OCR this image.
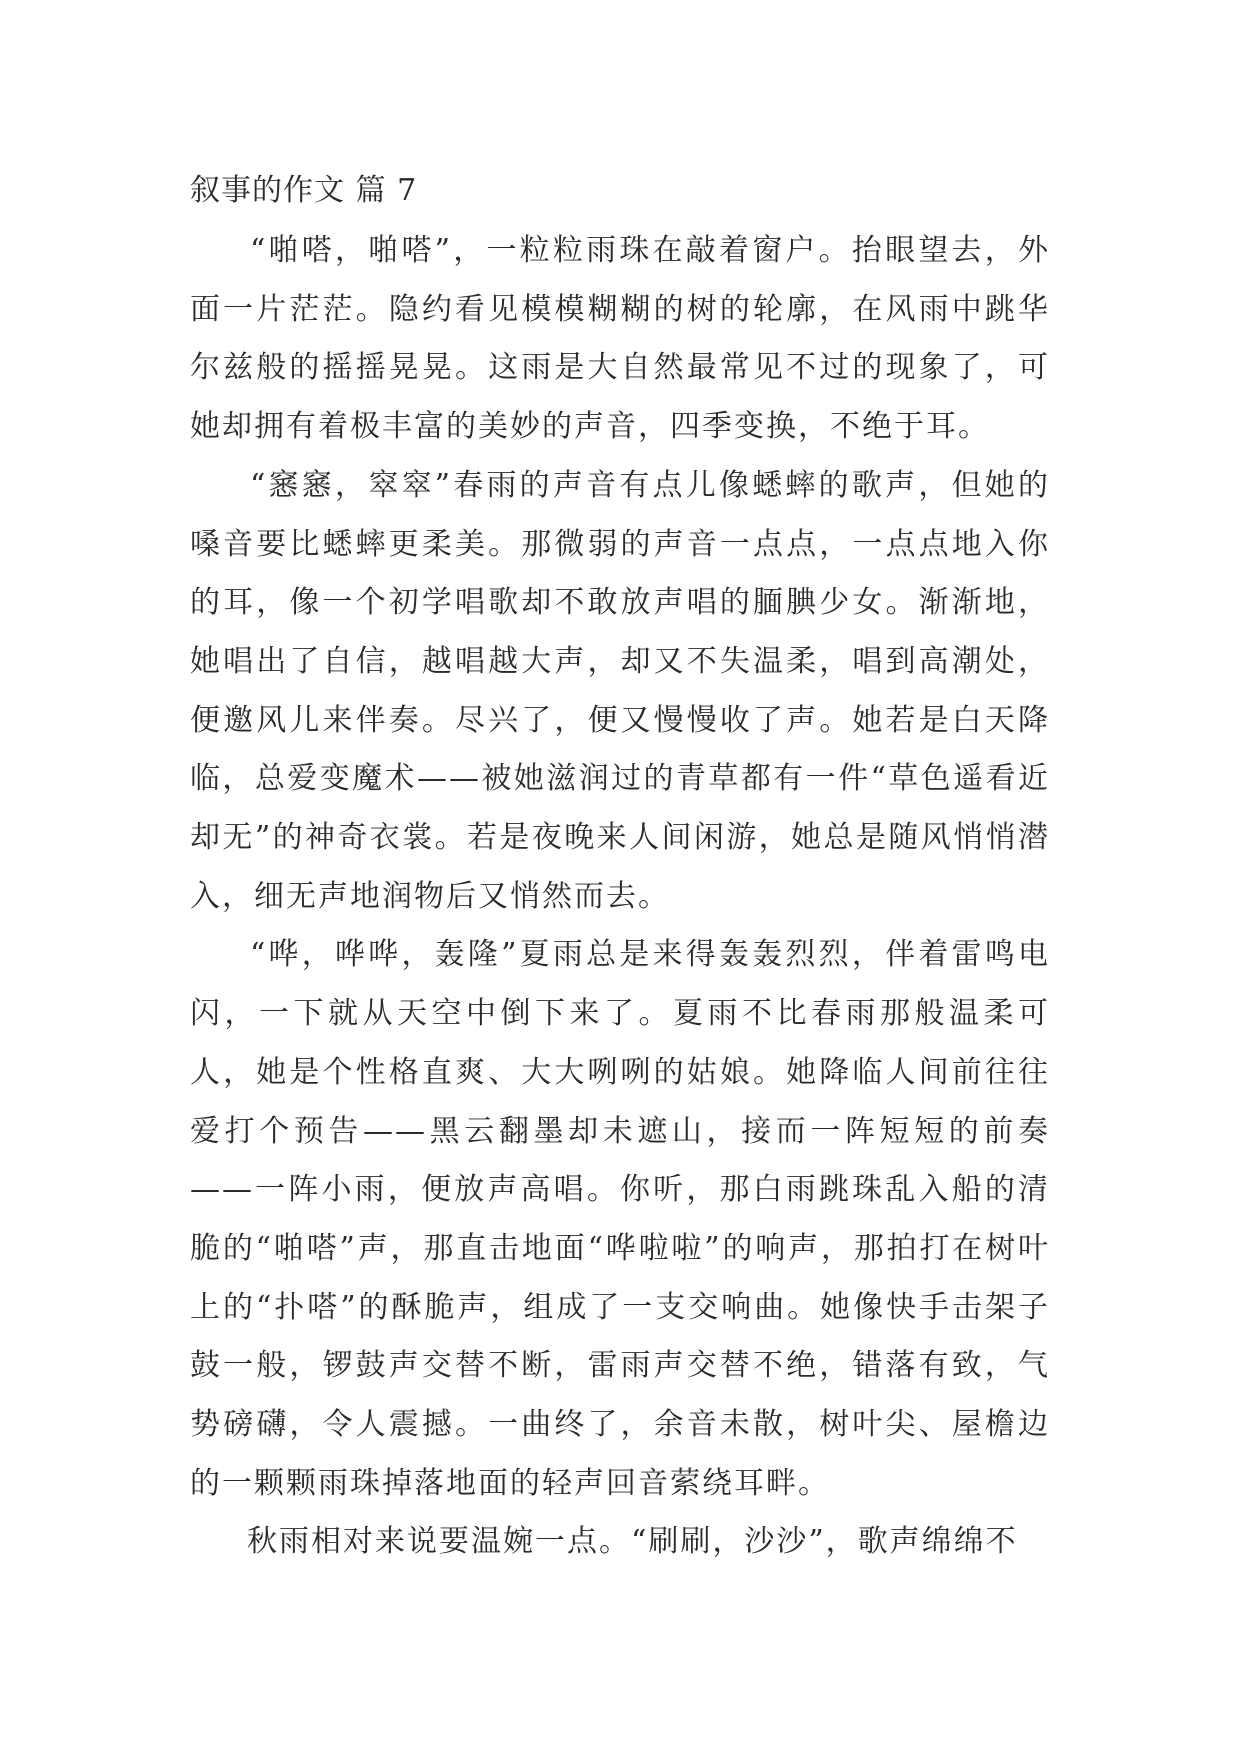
叙事的作文 篇 7

“啪嗒，啪嗒”，一粒粒雨珠在敲着窗户。抬眼望去，外面一片茫茫。隐约看见模模糊糊的树的轮廓，在风雨中跳华尔兹般的摇摇晃晃。这雨是大自然最常见不过的现象了，可她却拥有着极丰富的美妙的声音，四季变换，不绝于耳。

“窸窸，窣窣”春雨的声音有点儿像蟋蟀的歌声，但她的嗓音要比蟋蟀更柔美。那微弱的声音一点点，一点点地入你的耳，像一个初学唱歌却不敢放声唱的腼腆少女。渐渐地，她唱出了自信，越唱越大声，却又不失温柔，唱到高潮处，便邀风儿来伴奏。尽兴了，便又慢慢收了声。她若是白天降临，总爱变魔术——被她滋润过的青草都有一件“草色遥看近却无”的神奇衣裳。若是夜晚来人间闲游，她总是随风悄悄潜入，细无声地润物后又悄然而去。

“哗，哗哗，轰隆”夏雨总是来得轰轰烈烈，伴着雷鸣电闪，一下就从天空中倒下来了。夏雨不比春雨那般温柔可人，她是个性格直爽、大大咧咧的姑娘。她降临人间前往往爱打个预告——黑云翻墨却未遮山，接而一阵短短的前奏——一阵小雨，便放声高唱。你听，那白雨跳珠乱入船的清脆的“啪嗒”声，那直击地面“哗啦啦”的响声，那拍打在树叶上的“扑嗒”的酥脆声，组成了一支交响曲。她像快手击架子鼓一般，锣鼓声交替不断，雷雨声交替不绝，错落有致，气势磅礴，令人震撼。一曲终了，余音未散，树叶尖、屋檐边的一颗颗雨珠掉落地面的轻声回音萦绕耳畔。

秋雨相对来说要温婉一点。“刷刷，沙沙”，歌声绵绵不
